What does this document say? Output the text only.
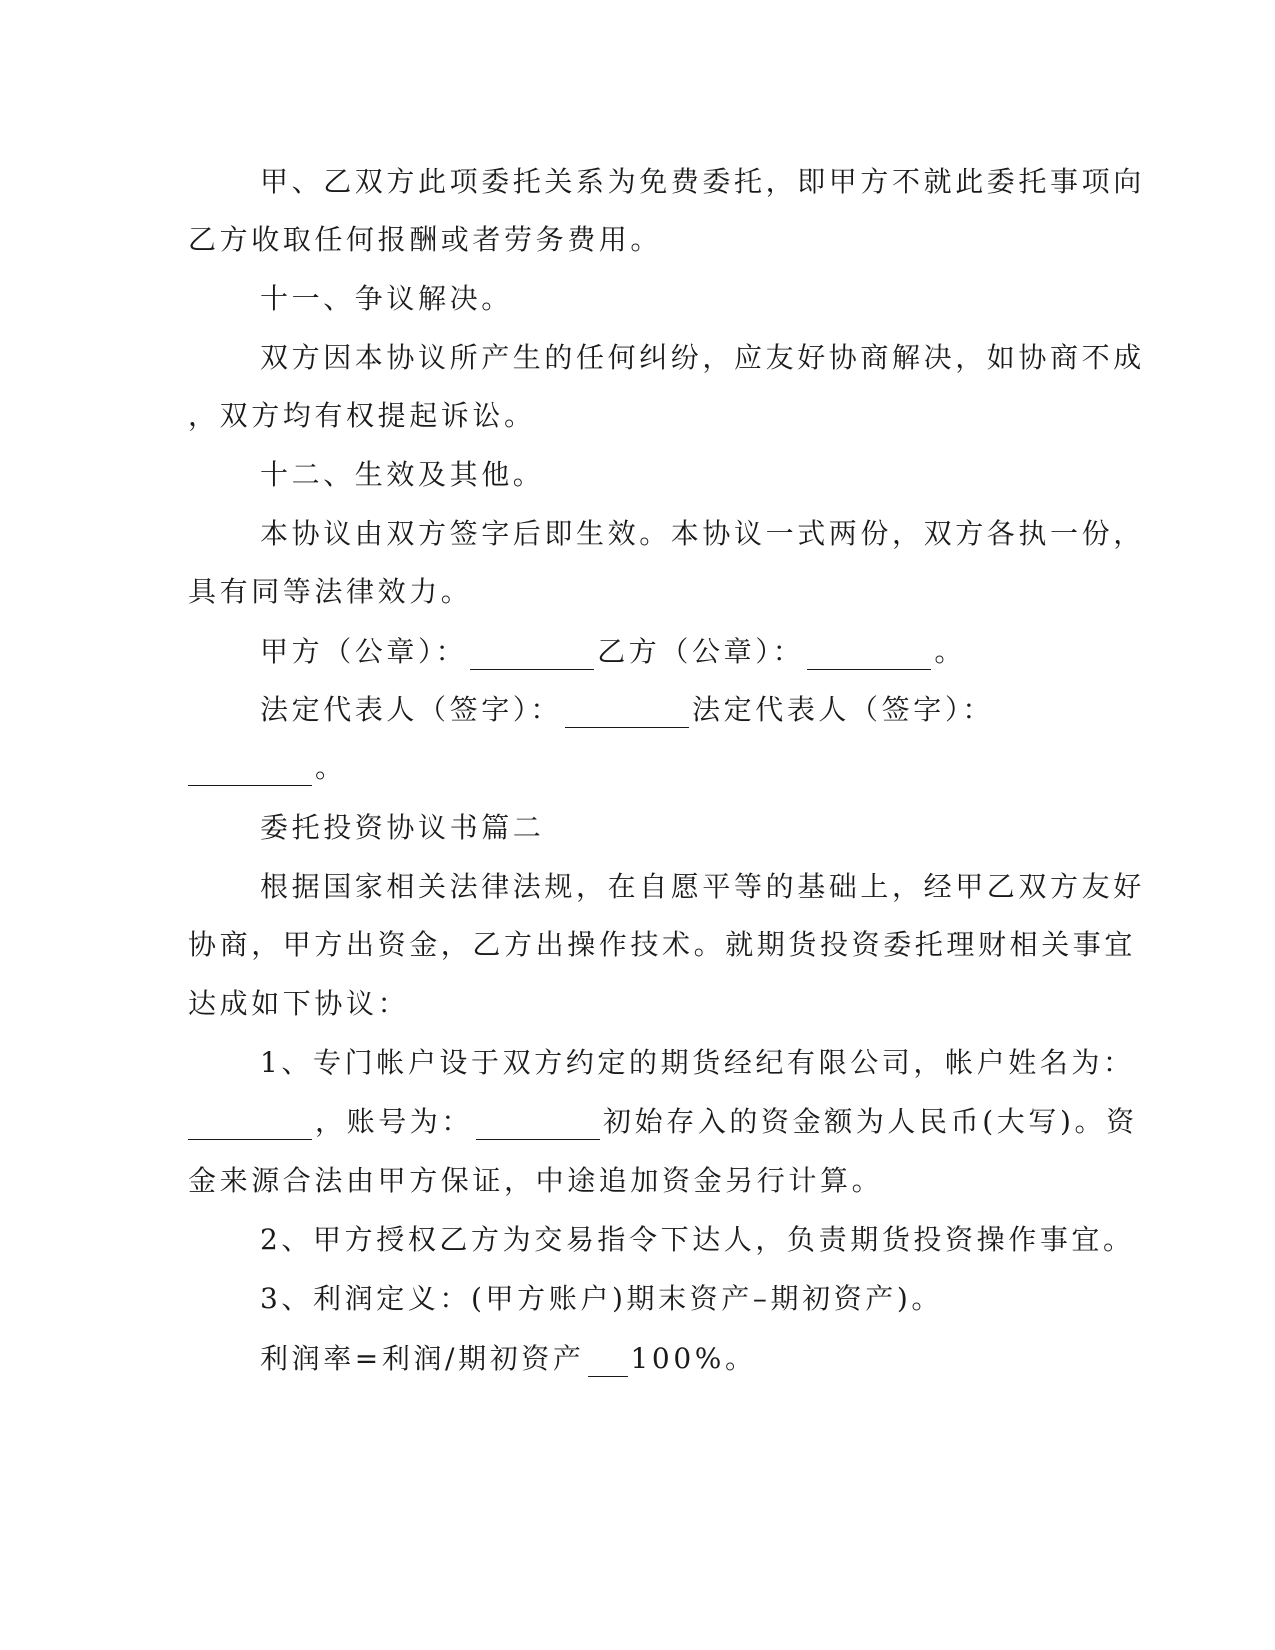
甲、乙双方此项委托关系为免费委托，即甲方不就此委托事项向
乙方收取任何报酬或者劳务费用。
十一、争议解决。
双方因本协议所产生的任何纠纷，应友好协商解决，如协商不成
，双方均有权提起诉讼。
十二、生效及其他。
本协议由双方签字后即生效。本协议一式两份，双方各执一份，
具有同等法律效力。
甲方（公章）：	乙方（公章）：	。
法定代表人（签字）：	法定代表人（签字）：
。
委托投资协议书篇二
根据国家相关法律法规，在自愿平等的基础上，经甲乙双方友好
协商，甲方出资金，乙方出操作技术。就期货投资委托理财相关事宜
达成如下协议：
1、专门帐户设于双方约定的期货经纪有限公司，帐户姓名为：
，账号为：	初始存入的资金额为人民币(大写)。资
金来源合法由甲方保证，中途追加资金另行计算。
2、甲方授权乙方为交易指令下达人，负责期货投资操作事宜。
3、利润定义：(甲方账户)期末资产–期初资产)。
利润率=利润/期初资产 100%。
